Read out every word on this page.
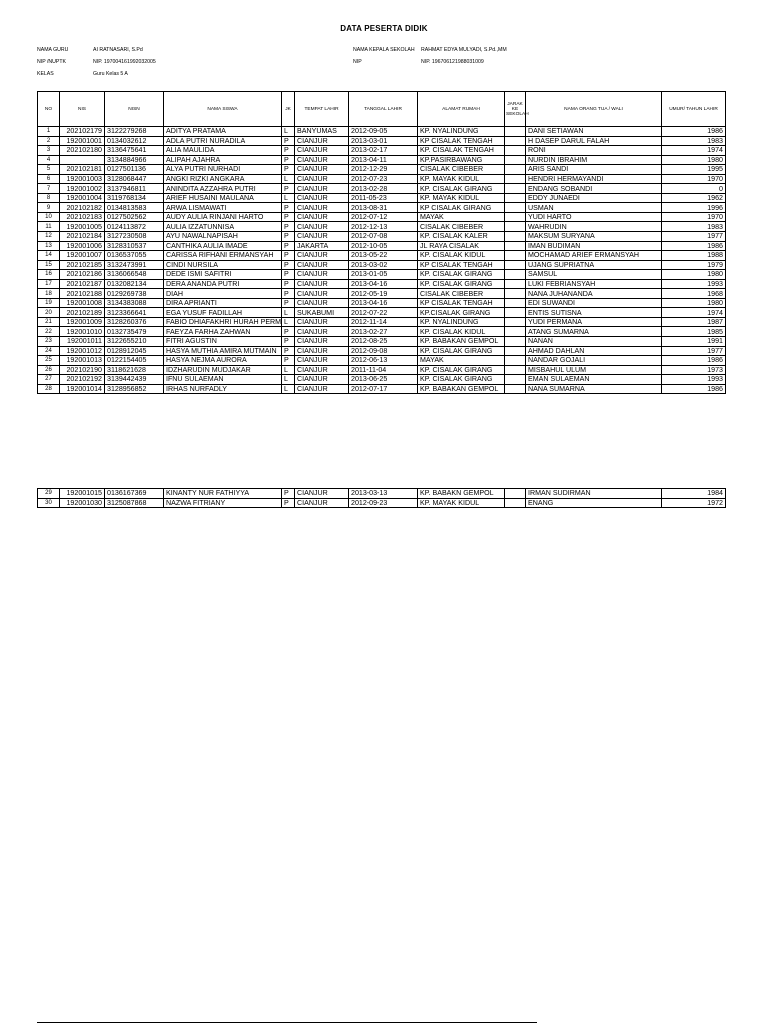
DATA PESERTA DIDIK
NAMA GURU	AI RATNASARI, S.Pd
NIP /NUPTK	NIP. 197004161992032005
KELAS	Guru Kelas 5 A
NAMA KEPALA SEKOLAH RAHMAT EDYA MULYADI, S.Pd.,MM
NIP	NIP. 196706121988031009
NO	NIS	NISN	NAMA SISWA	JK	TEMPAT LAHIR	TANGGAL LAHIR	ALAMAT RUMAH	JARAK KE SEKOLAH	NAMA ORANG TUA / WALI	UMUR/ TAHUN LAHIR
1	202102179	3122279268	ADITYA PRATAMA	L	BANYUMAS	2012-09-05	KP. NYALINDUNG		DANI SETIAWAN	1986
2	192001001	0134032612	ADLA PUTRI NURADILA	P	CIANJUR	2013-03-01	KP CISALAK TENGAH		H DASEP DARUL FALAH	1983
3	202102180	3136475641	ALIA MAULIDA	P	CIANJUR	2013-02-17	KP. CISALAK TENGAH		RONI	1974
4		3134884966	ALIPAH AJAHRA	P	CIANJUR	2013-04-11	KP.PASIRBAWANG		NURDIN IBRAHIM	1980
5	202102181	0127501136	ALYA PUTRI NURHADI	P	CIANJUR	2012-12-29	CISALAK CIBEBER		ARIS SANDI	1995
6	192001003	3128068447	ANGKI RIZKI ANGKARA	L	CIANJUR	2012-07-23	KP. MAYAK KIDUL		HENDRI HERMAYANDI	1970
7	192001002	3137946811	ANINDITA AZZAHRA PUTRI	P	CIANJUR	2013-02-28	KP. CISALAK GIRANG		ENDANG SOBANDI	0
8	192001004	3119768134	ARIEF HUSAINI MAULANA	L	CIANJUR	2011-05-23	KP. MAYAK KIDUL		EDDY JUNAEDI	1962
9	202102182	0134813583	ARWA LISMAWATI	P	CIANJUR	2013-08-31	KP CISALAK GIRANG		USMAN	1996
10	202102183	0127502562	AUDY AULIA RINJANI HARTO	P	CIANJUR	2012-07-12	MAYAK		YUDI HARTO	1970
11	192001005	0124113872	AULIA IZZATUNNISA	P	CIANJUR	2012-12-13	CISALAK CIBEBER		WAHRUDIN	1983
12	202102184	3127230508	AYU NAWALNAPISAH	P	CIANJUR	2012-07-08	KP. CISALAK KALER		MAKSUM SURYANA	1977
13	192001006	3128310537	CANTHIKA AULIA IMADE	P	JAKARTA	2012-10-05	JL RAYA CISALAK		IMAN BUDIMAN	1986
14	192001007	0136537055	CARISSA RIFHANI ERMANSYAH	P	CIANJUR	2013-05-22	KP. CISALAK KIDUL		MOCHAMAD ARIEF ERMANSYAH	1988
15	202102185	3132473991	CINDI NURSILA	P	CIANJUR	2013-03-02	KP CISALAK TENGAH		UJANG SUPRIATNA	1979
16	202102186	3136066548	DEDE ISMI SAFITRI	P	CIANJUR	2013-01-05	KP. CISALAK GIRANG		SAMSUL	1980
17	202102187	0132082134	DERA ANANDA PUTRI	P	CIANJUR	2013-04-16	KP. CISALAK GIRANG		LUKI FEBRIANSYAH	1993
18	202102188	0129269738	DIAH	P	CIANJUR	2012-05-19	CISALAK CIBEBER		NANA JUHANANDA	1968
19	192001008	3134383088	DIRA APRIANTI	P	CIANJUR	2013-04-16	KP CISALAK TENGAH		EDI SUWANDI	1980
20	202102189	3123366641	EGA YUSUF FADILLAH	L	SUKABUMI	2012-07-22	KP.CISALAK GIRANG		ENTIS SUTISNA	1974
21	192001009	3128260376	FABIO DHIAFAKHRI HURAH PERM	L	CIANJUR	2012-11-14	KP. NYALINDUNG		YUDI PERMANA	1987
22	192001010	0132735479	FAEYZA FARHA ZAHWAN	P	CIANJUR	2013-02-27	KP. CISALAK KIDUL		ATANG SUMARNA	1985
23	192001011	3122655210	FITRI AGUSTIN	P	CIANJUR	2012-08-25	KP. BABAKAN GEMPOL		NANAN	1991
24	192001012	0128912045	HASYA MUTHIA AMIRA MUTMAIN	P	CIANJUR	2012-09-08	KP. CISALAK GIRANG		AHMAD DAHLAN	1977
25	192001013	0122154405	HASYA NEJMA AURORA	P	CIANJUR	2012-06-13	MAYAK		NANDAR GOJALI	1986
26	202102190	3118621628	IDZHARUDIN MUDJAKAR	L	CIANJUR	2011-11-04	KP. CISALAK GIRANG		MISBAHUL ULUM	1973
27	202102192	3139442439	IFNU SULAEMAN	L	CIANJUR	2013-06-25	KP. CISALAK GIRANG		EMAN SULAEMAN	1993
28	192001014	3128956852	IRHAS NURFADLY	L	CIANJUR	2012-07-17	KP. BABAKAN GEMPOL		NANA SUMARNA	1986
29	192001015	0136167369	KINANTY NUR FATHIYYA	P	CIANJUR	2013-03-13	KP. BABAKN GEMPOL		IRMAN SUDIRMAN	1984
30	192001030	3125087868	NAZWA FITRIANY	P	CIANJUR	2012-09-23	KP. MAYAK KIDUL		ENANG	1972
